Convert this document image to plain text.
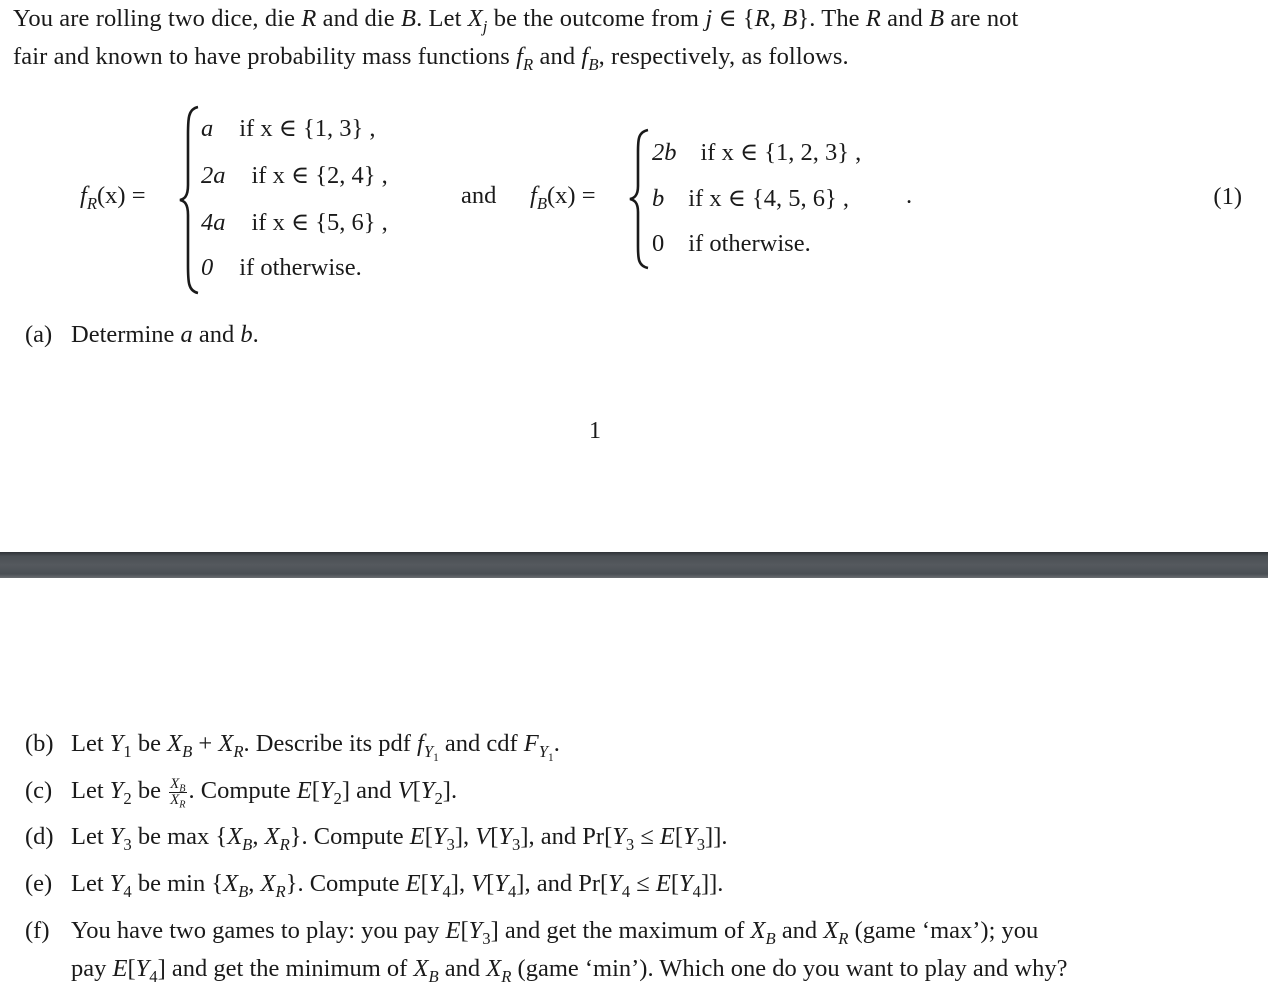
You are rolling two dice, die R and die B. Let $X_j$ be the outcome from j ∈ {R, B}. The R and B are not
fair and known to have probability mass functions $f_R$ and $f_B$, respectively, as follows.
$f_R(x)$ =
a if x ∈ {1, 3} ,
2a if x ∈ {2, 4} ,
4a if x ∈ {5, 6} ,
0 if otherwise.
and $f_B(x)$ =
2b if x ∈ {1, 2, 3} ,
b if x ∈ {4, 5, 6} ,
0 if otherwise.
.	(1)
(a) Determine a and b.
1
(b) Let $Y_1$ be $X_B + X_R$. Describe its pdf $f_{Y_1}$ and cdf $F_{Y_1}$.
(c) Let $Y_2$ be $\frac{X_B}{X_R}$ . Compute $E[Y_2]$ and $V[Y_2]$.
(d) Let $Y_3$ be $\max \{X_B$, $X_R$}. Compute $E[Y_3]$, $V[Y_3]$, and $Pr[Y_3 \le E[Y_3]]$.
(e) Let $Y_4$ be $\min \{X_B$, $X_R$}. Compute $E[Y_4]$, $V[Y_4]$, and $Pr[Y_4 \le E[Y_4]]$.
(f) You have two games to play: you pay $E[Y_3]$ and get the maximum of $X_B$ and $X_R$ (game ‘max’); you
pay $E[Y_4]$ and get the minimum of $X_B$ and $X_R$ (game ‘min’). Which one do you want to play and why?
